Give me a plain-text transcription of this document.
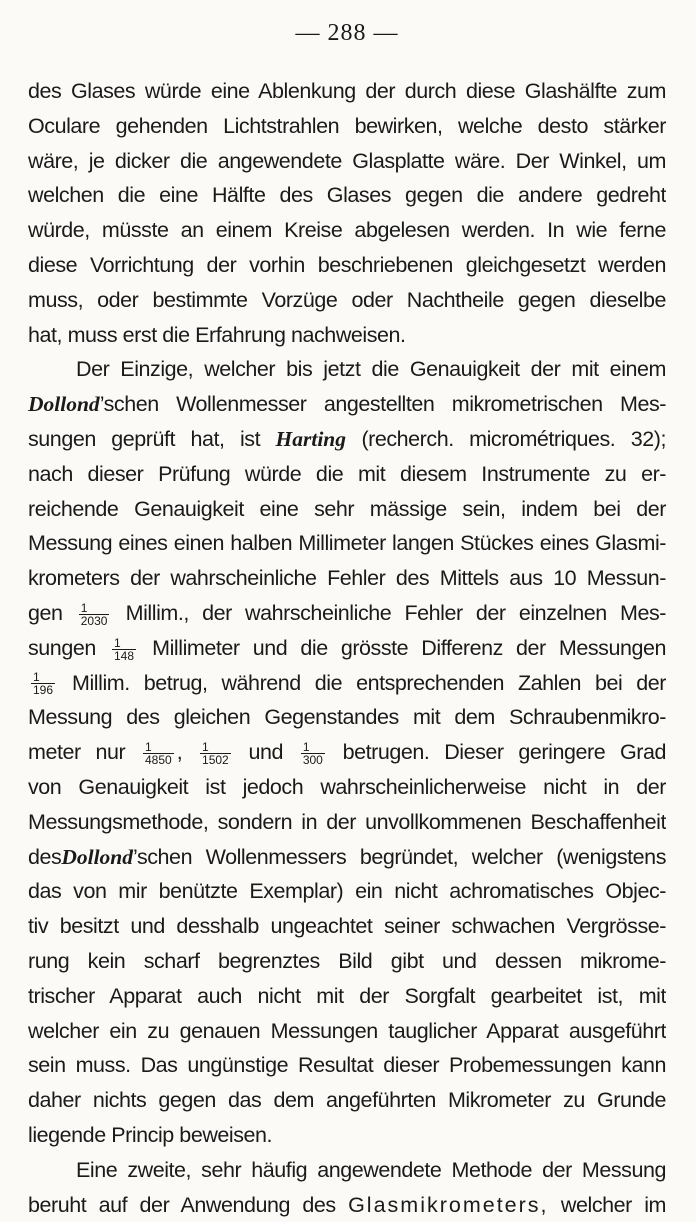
— 288 —

des Glases würde eine Ablenkung der durch diese Glashälfte zum
Oculare gehenden Lichtstrahlen bewirken, welche desto stärker
wäre, je dicker die angewendete Glasplatte wäre. Der Winkel, um
welchen die eine Hälfte des Glases gegen die andere gedreht
würde, müsste an einem Kreise abgelesen werden. In wie ferne
diese Vorrichtung der vorhin beschriebenen gleichgesetzt werden
muss, oder bestimmte Vorzüge oder Nachtheile gegen dieselbe
hat, muss erst die Erfahrung nachweisen.

Der Einzige, welcher bis jetzt die Genauigkeit der mit einem
Dollond’schen Wollenmesser angestellten mikrometrischen Mes-
sungen geprüft hat, ist Harting (recherch. micrométriques. 32);
nach dieser Prüfung würde die mit diesem Instrumente zu er-
reichende Genauigkeit eine sehr mässige sein, indem bei der
Messung eines einen halben Millimeter langen Stückes eines Glasmi-
krometers der wahrscheinliche Fehler des Mittels aus 10 Messun-
gen $\frac{1}{2030} Millim$., der wahrscheinliche Fehler der einzelnen Mes-
sungen $\frac{1}{148}$ Millimeter und die grösste Differenz der Messungen
$\frac{1}{196} Millim$. betrug, während die entsprechenden Zahlen bei der
Messung des gleichen Gegenstandes mit dem Schraubenmikro-
meter nur $\frac{1}{4850}$ , $\frac{1}{1502}$ und $\frac{1}{300}$ betrugen. Dieser geringere Grad
von Genauigkeit ist jedoch wahrscheinlicherweise nicht in der
Messungsmethode, sondern in der unvollkommenen Beschaffenheit
desDollond’schen Wollenmessers begründet, welcher (wenigstens
das von mir benützte Exemplar) ein nicht achromatisches Objec-
tiv besitzt und desshalb ungeachtet seiner schwachen Vergrösse-
rung kein scharf begrenztes Bild gibt und dessen mikrome-
trischer Apparat auch nicht mit der Sorgfalt gearbeitet ist, mit
welcher ein zu genauen Messungen tauglicher Apparat ausgeführt
sein muss. Das ungünstige Resultat dieser Probemessungen kann
daher nichts gegen das dem angeführten Mikrometer zu Grunde
liegende Princip beweisen.

Eine zweite, sehr häufig angewendete Methode der Messung
beruht auf der Anwendung des Glasmikrometers, welcher im
